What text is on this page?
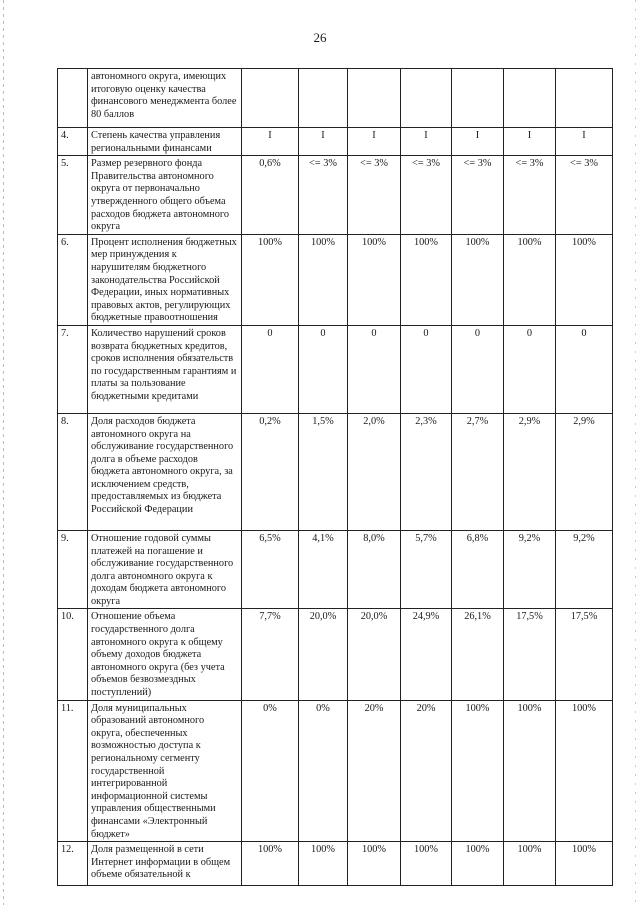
26
	автономного округа, имеющих итоговую оценку качества финансового менеджмента более 80 баллов							
4.	Степень качества управления региональными финансами	I	I	I	I	I	I	I
5.	Размер резервного фонда Правительства автономного округа от первоначально утвержденного общего объема расходов бюджета автономного округа	0,6%	<= 3%	<= 3%	<= 3%	<= 3%	<= 3%	<= 3%
6.	Процент исполнения бюджетных мер принуждения к нарушителям бюджетного законодательства Российской Федерации, иных нормативных правовых актов, регулирующих бюджетные правоотношения	100%	100%	100%	100%	100%	100%	100%
7.	Количество нарушений сроков возврата бюджетных кредитов, сроков исполнения обязательств по государственным гарантиям и платы за пользование бюджетными кредитами	0	0	0	0	0	0	0
8.	Доля расходов бюджета автономного округа на обслуживание государственного долга в объеме расходов бюджета автономного округа, за исключением средств, предоставляемых из бюджета Российской Федерации	0,2%	1,5%	2,0%	2,3%	2,7%	2,9%	2,9%
9.	Отношение годовой суммы платежей на погашение и обслуживание государственного долга автономного округа к доходам бюджета автономного округа	6,5%	4,1%	8,0%	5,7%	6,8%	9,2%	9,2%
10.	Отношение объема государственного долга автономного округа к общему объему доходов бюджета автономного округа (без учета объемов безвозмездных поступлений)	7,7%	20,0%	20,0%	24,9%	26,1%	17,5%	17,5%
11.	Доля муниципальных образований автономного округа, обеспеченных возможностью доступа к региональному сегменту государственной интегрированной информационной системы управления общественными финансами «Электронный бюджет»	0%	0%	20%	20%	100%	100%	100%
12.	Доля размещенной в сети Интернет информации в общем объеме обязательной к	100%	100%	100%	100%	100%	100%	100%
